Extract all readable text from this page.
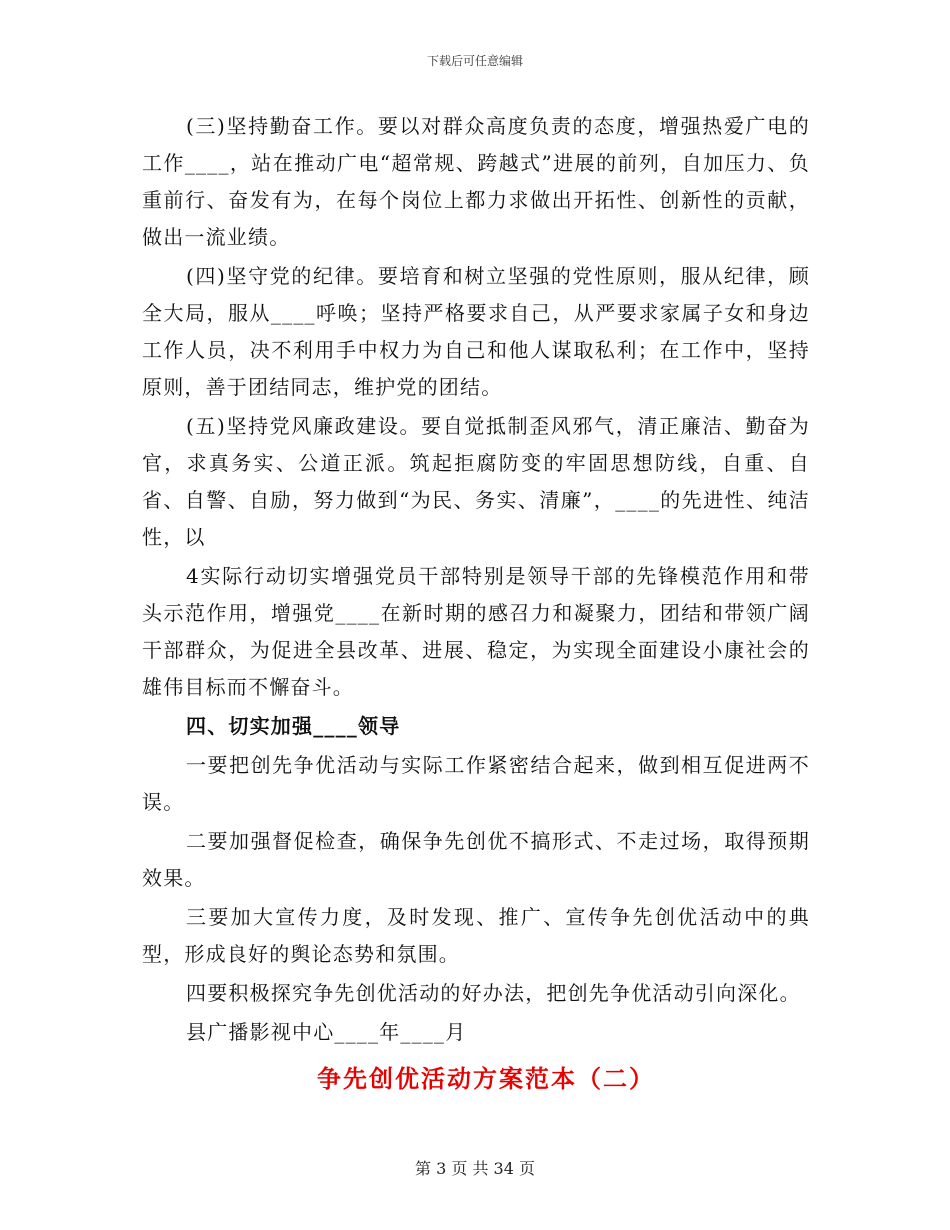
下载后可任意编辑

(三)坚持勤奋工作。要以对群众高度负责的态度，增强热爱广电的工作____，站在推动广电“超常规、跨越式”进展的前列，自加压力、负重前行、奋发有为，在每个岗位上都力求做出开拓性、创新性的贡献，做出一流业绩。

(四)坚守党的纪律。要培育和树立坚强的党性原则，服从纪律，顾全大局，服从____呼唤；坚持严格要求自己，从严要求家属子女和身边工作人员，决不利用手中权力为自己和他人谋取私利；在工作中，坚持原则，善于团结同志，维护党的团结。

(五)坚持党风廉政建设。要自觉抵制歪风邪气，清正廉洁、勤奋为官，求真务实、公道正派。筑起拒腐防变的牢固思想防线，自重、自省、自警、自励，努力做到“为民、务实、清廉”，____的先进性、纯洁性，以

4实际行动切实增强党员干部特别是领导干部的先锋模范作用和带头示范作用，增强党____在新时期的感召力和凝聚力，团结和带领广阔干部群众，为促进全县改革、进展、稳定，为实现全面建设小康社会的雄伟目标而不懈奋斗。

四、切实加强____领导

一要把创先争优活动与实际工作紧密结合起来，做到相互促进两不误。

二要加强督促检查，确保争先创优不搞形式、不走过场，取得预期效果。

三要加大宣传力度，及时发现、推广、宣传争先创优活动中的典型，形成良好的舆论态势和氛围。

四要积极探究争先创优活动的好办法，把创先争优活动引向深化。

县广播影视中心____年____月

争先创优活动方案范本（二）
第 3 页 共 34 页
